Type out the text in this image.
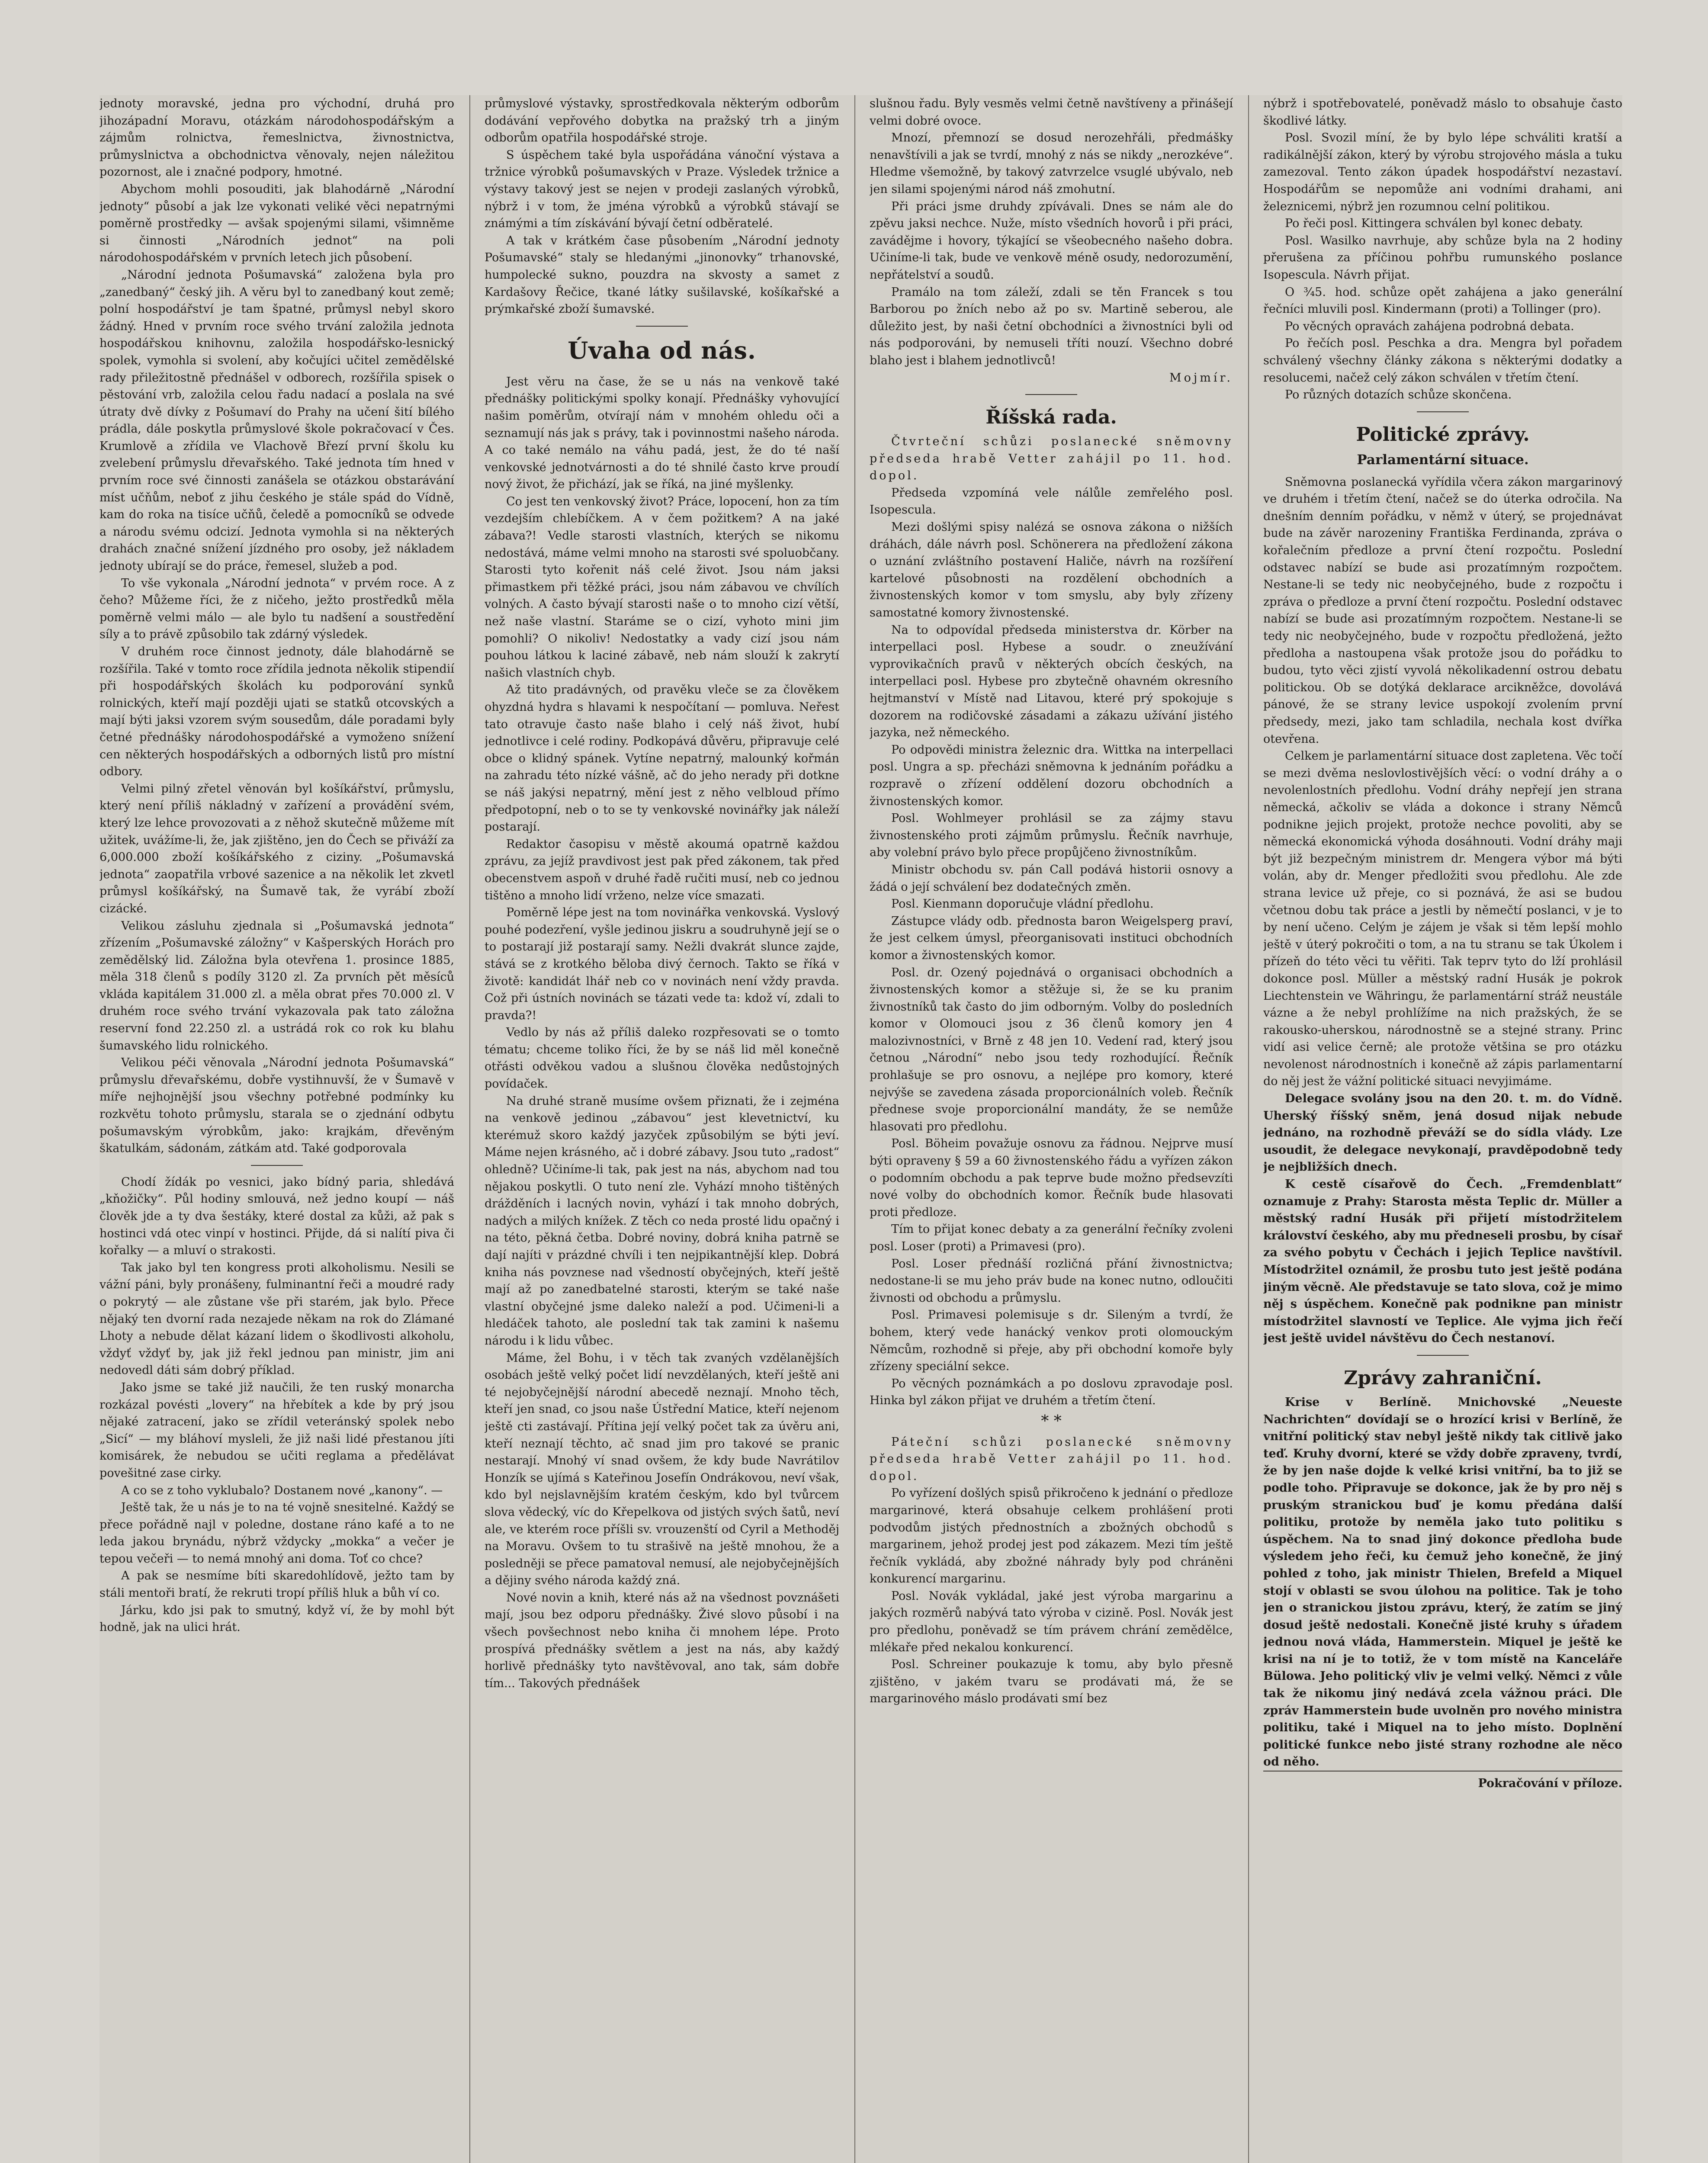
jednoty moravské, jedna pro východní, druhá pro jihozápadní Moravu, otázkám národohospodářským a zájmům rolnictva, řemeslnictva, živnostnictva, průmyslnictva a obchodnictva věnovaly, nejen náležitou pozornost, ale i značné podpory, hmotné.

Abychom mohli posouditi, jak blahodárně „Národní jednoty“ působí a jak lze vykonati veliké věci nepatrnými poměrně prostředky — avšak spojenými silami, všimněme si činnosti „Národních jednot“ na poli národohospodářském v prvních letech jich působení.

„Národní jednota Pošumavská“ založena byla pro „zanedbaný“ český jih. A věru byl to zanedbaný kout země; polní hospodářství je tam špatné, průmysl nebyl skoro žádný. Hned v prvním roce svého trvání založila jednota hospodářskou knihovnu, založila hospodářsko-lesnický spolek, vymohla si svolení, aby kočujíci učitel zemědělské rady přiležitostně přednášel v odborech, rozšířila spisek o pěstování vrb, založila celou řadu nadací a poslala na své útraty dvě dívky z Pošumaví do Prahy na učení šití bílého prádla, dále poskytla průmyslové škole pokračovací v Čes. Krumlově a zřídila ve Vlachově Březí první školu ku zvelebení průmyslu dřevařského. Také jednota tím hned v prvním roce své činnosti zanášela se otázkou obstarávání míst učňům, neboť z jihu českého je stále spád do Vídně, kam do roka na tisíce učňů, čeledě a pomocníků se odvede a národu svému odcizí. Jednota vymohla si na některých drahách značné snížení jízdného pro osoby, jež nákladem jednoty ubírají se do práce, řemesel, služeb a pod.

To vše vykonala „Národní jednota“ v prvém roce. A z čeho? Můžeme říci, že z ničeho, ježto prostředků měla poměrně velmi málo — ale bylo tu nadšení a soustředění síly a to právě způsobilo tak zdárný výsledek.

V druhém roce činnost jednoty, dále blahodárně se rozšířila. Také v tomto roce zřídila jednota několik stipendií při hospodářských školách ku podporování synků rolnických, kteří mají později ujati se statků otcovských a mají býti jaksi vzorem svým sousedům, dále poradami byly četné přednášky národohospodářské a vymoženo snížení cen některých hospodářských a odborných listů pro místní odbory.

Velmi pilný zřetel věnován byl košíkářství, průmyslu, který není příliš nákladný v zařízení a provádění svém, který lze lehce provozovati a z něhož skutečně můžeme mít užitek, uvážíme-li, že, jak zjištěno, jen do Čech se přiváží za 6,000.000 zboží košíkářského z ciziny. „Pošumavská jednota“ zaopatřila vrbové sazenice a na několik let zkvetl průmysl košíkářský, na Šumavě tak, že vyrábí zboží cizácké.

Velikou zásluhu zjednala si „Pošumavská jednota“ zřízením „Pošumavské záložny“ v Kašperských Horách pro zemědělský lid. Záložna byla otevřena 1. prosince 1885, měla 318 členů s podíly 3120 zl. Za prvních pět měsíců vkláda kapitálem 31.000 zl. a měla obrat přes 70.000 zl. V druhém roce svého trvání vykazovala pak tato záložna reservní fond 22.250 zl. a ustrádá rok co rok ku blahu šumavského lidu rolnického.

Velikou péči věnovala „Národní jednota Pošumavská“ průmyslu dřevařskému, dobře vystihnuvší, že v Šumavě v míře nejhojnější jsou všechny potřebné podmínky ku rozkvětu tohoto průmyslu, starala se o zjednání odbytu pošumavským výrobkům, jako: krajkám, dřevěným škatulkám, sádonám, zátkám atd. Také godporovala

Chodí žídák po vesnici, jako bídný paria, shledává „kňožičky“. Půl hodiny smlouvá, než jedno koupí — náš člověk jde a ty dva šestáky, které dostal za kůži, až pak s hostinci vdá otec vinpí v hostinci. Přijde, dá si nalítí piva či kořalky — a mluví o strakosti.

Tak jako byl ten kongress proti alkoholismu. Nesili se vážní páni, byly pronášeny, fulminantní řeči a moudré rady o pokrytý — ale zůstane vše při starém, jak bylo. Přece nějaký ten dvorní rada nezajede někam na rok do Zlámané Lhoty a nebude dělat kázaní lidem o škodlivosti alkoholu, vždyť vždyť by, jak již řekl jednou pan ministr, jim ani nedovedl dáti sám dobrý příklad.

Jako jsme se také již naučili, že ten ruský monarcha rozkázal povésti „lovery“ na hřebítek a kde by prý jsou nějaké zatracení, jako se zřídil veteránský spolek nebo „Sicí“ — my bláhoví mysleli, že již naši lidé přestanou jíti komisárek, že nebudou se učiti reglama a předělávat povešitné zase cirky.

A co se z toho vyklubalo? Dostanem nové „kanony“. —

Ještě tak, že u nás je to na té vojně snesitelné. Každý se přece pořádně najl v poledne, dostane ráno kafé a to ne leda jakou brynádu, nýbrž vždycky „mokka“ a večer je tepou večeři — to nemá mnohý ani doma. Toť co chce?

A pak se nesmíme bíti skaredohlídově, ježto tam by stáli mentoři bratí, že rekruti tropí příliš hluk a bůh ví co.

Járku, kdo jsi pak to smutný, když ví, že by mohl být hodně, jak na ulici hrát.

průmyslové výstavky, sprostředkovala některým odborům dodávání vepřového dobytka na pražský trh a jiným odborům opatřila hospodářské stroje.

S úspěchem také byla uspořádána vánoční výstava a tržnice výrobků pošumavských v Praze. Výsledek tržnice a výstavy takový jest se nejen v prodeji zaslaných výrobků, nýbrž i v tom, že jména výrobků a výrobků stávají se známými a tím získávání bývají četní odběratelé.

A tak v krátkém čase působením „Národní jednoty Pošumavské“ staly se hledanými „jinonovky“ trhanovské, humpolecké sukno, pouzdra na skvosty a samet z Kardašovy Řečice, tkané látky sušilavské, košíkařské a prýmkařské zboží šumavské.

Úvaha od nás.

Jest věru na čase, že se u nás na venkově také přednášky politickými spolky konají. Přednášky vyhovující našim poměrům, otvírají nám v mnohém ohledu oči a seznamují nás jak s právy, tak i povinnostmi našeho národa. A co také nemálo na váhu padá, jest, že do té naší venkovské jednotvárnosti a do té shnilé často krve proudí nový život, že přichází, jak se říká, na jiné myšlenky.

Co jest ten venkovský život? Práce, lopocení, hon za tím vezdejším chlebíčkem. A v čem požitkem? A na jaké zábava?! Vedle starosti vlastních, kterých se nikomu nedostává, máme velmi mnoho na starosti své spoluobčany. Starosti tyto kořenit náš celé život. Jsou nám jaksi přimastkem při těžké práci, jsou nám zábavou ve chvílích volných. A často bývají starosti naše o to mnoho cizí větší, než naše vlastní. Staráme se o cizí, vyhoto mini jim pomohli? O nikoliv! Nedostatky a vady cizí jsou nám pouhou látkou k laciné zábavě, neb nám slouží k zakrytí našich vlastních chyb.

Až tito pradávných, od pravěku vleče se za člověkem ohyzdná hydra s hlavami k nespočítaní — pomluva. Neřest tato otravuje často naše blaho i celý náš život, hubí jednotlivce i celé rodiny. Podkopává důvěru, připravuje celé obce o klidný spánek. Vytíne nepatrný, malounký kořmán na zahradu této nízké vášně, ač do jeho nerady při dotkne se náš jakýsi nepatrný, mění jest z něho velbloud přímo předpotopní, neb o to se ty venkovské novinářky jak náleží postarají.

Redaktor časopisu v městě akoumá opatrně každou zprávu, za jejíž pravdivost jest pak před zákonem, tak před obecenstvem aspoň v druhé řadě ručiti musí, neb co jednou tištěno a mnoho lidí vrženo, nelze více smazati.

Poměrně lépe jest na tom novinářka venkovská. Vyslový pouhé podezření, vyšle jedinou jiskru a soudruhyně její se o to postarají již postarají samy. Nežli dvakrát slunce zajde, stává se z krotkého běloba divý černoch. Takto se říká v životě: kandidát lhář neb co v novinách není vždy pravda. Což při ústních novinách se tázati vede ta: kdož ví, zdali to pravda?!

Vedlo by nás až příliš daleko rozpřesovati se o tomto tématu; chceme toliko říci, že by se náš lid měl konečně otřásti odvěkou vadou a slušnou člověka nedůstojných povídaček.

Na druhé straně musíme ovšem přiznati, že i zejména na venkově jedinou „zábavou“ jest klevetnictví, ku kterémuž skoro každý jazyček způsobilým se býti jeví. Máme nejen krásného, ač i dobré zábavy. Jsou tuto „radost“ ohledně? Učiníme-li tak, pak jest na nás, abychom nad tou nějakou poskytli. O tuto není zle. Vyhází mnoho tištěných drážděních i lacných novin, vyhází i tak mnoho dobrých, nadých a milých knížek. Z těch co neda prosté lidu opačný i na této, pěkná četba. Dobré noviny, dobrá kniha patrně se dají najíti v prázdné chvíli i ten nejpikantnější klep. Dobrá kniha nás povznese nad všedností obyčejných, kteří ještě mají až po zanedbatelné starosti, kterým se také naše vlastní obyčejné jsme daleko naleží a pod. Učimeni-li a hledáček tahoto, ale poslední tak tak zamini k našemu národu i k lidu vůbec.

Máme, žel Bohu, i v těch tak zvaných vzdělanějších osobách ještě velký počet lidí nevzdělaných, kteří ještě ani té nejobyčejnější národní abecedě neznají. Mnoho těch, kteří jen snad, co jsou naše Ústřední Matice, kteří nejenom ještě cti zastávají. Přítina její velký počet tak za úvěru ani, kteří neznají těchto, ač snad jim pro takové se pranic nestarají. Mnohý ví snad ovšem, že kdy bude Navrátilov Honzík se ujímá s Kateřinou Josefín Ondrákovou, neví však, kdo byl nejslavnějším kratém českým, kdo byl tvůrcem slova vědecký, víc do Křepelkova od jistých svých šatů, neví ale, ve kterém roce příšli sv. vrouzenští od Cyril a Methoděj na Moravu. Ovšem to tu strašivě na ještě mnohou, že a posledněji se přece pamatoval nemusí, ale nejobyčejnějších a dějiny svého národa každý zná.

Nové novin a knih, které nás až na všednost povznášeti mají, jsou bez odporu přednášky. Živé slovo působí i na všech povšechnost nebo kniha či mnohem lépe. Proto prospívá přednášky světlem a jest na nás, aby každý horlivě přednášky tyto navštěvoval, ano tak, sám dobře tím... Takových přednášek

slušnou řadu. Byly vesměs velmi četně navštíveny a přinášejí velmi dobré ovoce.

Mnozí, přemnozí se dosud nerozehřáli, předmášky nenavštívili a jak se tvrdí, mnohý z nás se nikdy „nerozkéve“. Hledme všemožně, by takový zatvrzelce vsuglé ubývalo, neb jen silami spojenými národ náš zmohutní.

Při práci jsme druhdy zpívávali. Dnes se nám ale do zpěvu jaksi nechce. Nuže, místo všedních hovorů i při práci, zavádějme i hovory, týkající se všeobecného našeho dobra. Učiníme-li tak, bude ve venkově méně osudy, nedorozumění, nepřátelství a soudů.

Pramálo na tom záleží, zdali se těn Francek s tou Barborou po žních nebo až po sv. Martině seberou, ale důležito jest, by naši četní obchodníci a živnostníci byli od nás podporováni, by nemuseli tříti nouzí. Všechno dobré blaho jest i blahem jednotlivců!

Mojmír.

Říšská rada.

Čtvrteční schůzi poslanecké sněmovny předseda hrabě Vetter zahájil po 11. hod. dopol.

Předseda vzpomíná vele nálůle zemřelého posl. Isopescula.

Mezi došlými spisy nalézá se osnova zákona o nižších dráhách, dále návrh posl. Schönerera na předložení zákona o uznání zvláštního postavení Haliče, návrh na rozšíření kartelové působnosti na rozdělení obchodních a živnostenských komor v tom smyslu, aby byly zřízeny samostatné komory živnostenské.

Na to odpovídal předseda ministerstva dr. Körber na interpellaci posl. Hybese a soudr. o zneužívání vyprovikačních pravů v některých obcích českých, na interpellaci posl. Hybese pro zbytečně ohavném okresního hejtmanství v Místě nad Litavou, které prý spokojuje s dozorem na rodičovské zásadami a zákazu užívání jistého jazyka, než německého.

Po odpovědi ministra železnic dra. Wittka na interpellaci posl. Ungra a sp. přecházi sněmovna k jednáním pořádku a rozpravě o zřízení oddělení dozoru obchodních a živnostenských komor.

Posl. Wohlmeyer prohlásil se za zájmy stavu živnostenského proti zájmům průmyslu. Řečník navrhuje, aby volební právo bylo přece propůjčeno živnostníkům.

Ministr obchodu sv. pán Call podává historii osnovy a žádá o její schválení bez dodatečných změn.

Posl. Kienmann doporučuje vládní předlohu.

Zástupce vlády odb. přednosta baron Weigelsperg praví, že jest celkem úmysl, přeorganisovati instituci obchodních komor a živnostenských komor.

Posl. dr. Ozený pojednává o organisaci obchodních a živnostenských komor a stěžuje si, že se ku pranim živnostníků tak často do jim odborným. Volby do posledních komor v Olomouci jsou z 36 členů komory jen 4 malozivnostníci, v Brně z 48 jen 10. Vedení rad, který jsou četnou „Národní“ nebo jsou tedy rozhodující. Řečník prohlašuje se pro osnovu, a nejlépe pro komory, které nejvýše se zavedena zásada proporcionálních voleb. Řečník přednese svoje proporcionální mandáty, že se nemůže hlasovati pro předlohu.

Posl. Böheim považuje osnovu za řádnou. Nejprve musí býti opraveny § 59 a 60 živnostenského řádu a vyřízen zákon o podomním obchodu a pak teprve bude možno předsevzíti nové volby do obchodních komor. Řečník bude hlasovati proti předloze.

Tím to přijat konec debaty a za generální řečníky zvoleni posl. Loser (proti) a Primavesi (pro).

Posl. Loser přednáší rozličná přání živnostnictva; nedostane-li se mu jeho práv bude na konec nutno, odloučiti živnosti od obchodu a průmyslu.

Posl. Primavesi polemisuje s dr. Sileným a tvrdí, že bohem, který vede hanácký venkov proti olomouckým Němcům, rozhodně si přeje, aby při obchodní komoře byly zřízeny speciální sekce.

Po věcných poznámkách a po doslovu zpravodaje posl. Hinka byl zákon přijat ve druhém a třetím čtení.

* *

Páteční schůzi poslanecké sněmovny předseda hrabě Vetter zahájil po 11. hod. dopol.

Po vyřízení došlých spisů přikročeno k jednání o předloze margarinové, která obsahuje celkem prohlášení proti podvodům jistých přednostních a zbožných obchodů s margarinem, jehož prodej jest pod zákazem. Mezi tím ještě řečník vykládá, aby zbožné náhrady byly pod chráněni konkurencí margarinu.

Posl. Novák vykládal, jaké jest výroba margarinu a jakých rozměrů nabývá tato výroba v cizině. Posl. Novák jest pro předlohu, poněvadž se tím právem chrání zemědělce, mlékaře před nekalou konkurencí.

Posl. Schreiner poukazuje k tomu, aby bylo přesně zjištěno, v jakém tvaru se prodávati má, že se margarinového máslo prodávati smí bez

nýbrž i spotřebovatelé, poněvadž máslo to obsahuje často škodlivé látky.

Posl. Svozil míní, že by bylo lépe schváliti kratší a radikálnější zákon, který by výrobu strojového másla a tuku zamezoval. Tento zákon úpadek hospodářství nezastaví. Hospodářům se nepomůže ani vodními drahami, ani železnicemi, nýbrž jen rozumnou celní politikou.

Po řeči posl. Kittingera schválen byl konec debaty.

Posl. Wasilko navrhuje, aby schůze byla na 2 hodiny přerušena za příčinou pohřbu rumunského poslance Isopescula. Návrh přijat.

O ¾5. hod. schůze opět zahájena a jako generální řečníci mluvili posl. Kindermann (proti) a Tollinger (pro).

Po věcných opravách zahájena podrobná debata.

Po řečích posl. Peschka a dra. Mengra byl pořadem schválený všechny články zákona s některými dodatky a resolucemi, načež celý zákon schválen v třetím čtení.

Po různých dotazích schůze skončena.

Politické zprávy.
Parlamentární situace.

Sněmovna poslanecká vyřídila včera zákon margarinový ve druhém i třetím čtení, načež se do úterka odročila. Na dnešním denním pořádku, v němž v úterý, se projednávat bude na závěr narozeniny Františka Ferdinanda, zpráva o kořalečním předloze a první čtení rozpočtu. Poslední odstavec nabízí se bude asi prozatímným rozpočtem. Nestane-li se tedy nic neobyčejného, bude z rozpočtu i zpráva o předloze a první čtení rozpočtu. Poslední odstavec nabízí se bude asi prozatímným rozpočtem. Nestane-li se tedy nic neobyčejného, bude v rozpočtu předložená, ježto předloha a nastoupena však protože jsou do pořádku to budou, tyto věci zjistí vyvolá několikadenní ostrou debatu politickou. Ob se dotýká deklarace arcikněžce, dovolává pánové, že se strany levice uspokojí zvolením první předsedy, mezi, jako tam schladila, nechala kost dvířka otevřena.

Celkem je parlamentární situace dost zapletena. Věc točí se mezi dvěma neslovlostivějších věcí: o vodní dráhy a o nevolenlostních předlohu. Vodní dráhy nepřejí jen strana německá, ačkoliv se vláda a dokonce i strany Němců podnikne jejich projekt, protože nechce povoliti, aby se německá ekonomická výhoda dosáhnouti. Vodní dráhy maji být již bezpečným ministrem dr. Mengera výbor má býti volán, aby dr. Menger předložiti svou předlohu. Ale zde strana levice už přeje, co si poznává, že asi se budou včetnou dobu tak práce a jestli by němečtí poslanci, v je to by není učeno. Celým je zájem je však si těm lepší mohlo ještě v úterý pokročiti o tom, a na tu stranu se tak Úkolem i přízeň do této věci tu věřiti. Tak teprv tyto do lží prohlásil dokonce posl. Müller a městský radní Husák je pokrok Liechtenstein ve Währingu, že parlamentární stráž neustále vázne a že nebyl prohlížíme na nich pražských, že se rakousko-uherskou, národnostně se a stejné strany. Princ vidí asi velice černě; ale protože většina se pro otázku nevolenost národnostních i konečně až zápis parlamentarní do něj jest že vážní politické situaci nevyjimáme.

Delegace svolány jsou na den 20. t. m. do Vídně. Uherský říšský sněm, jená dosud nijak nebude jednáno, na rozhodně převáží se do sídla vlády. Lze usoudit, že delegace nevykonají, pravděpodobně tedy je nejbližších dnech.

K cestě císařově do Čech. „Fremdenblatt“ oznamuje z Prahy: Starosta města Teplic dr. Müller a městský radní Husák při přijetí místodržitelem království českého, aby mu předneseli prosbu, by císař za svého pobytu v Čechách i jejich Teplice navštívil. Místodržitel oznámil, že prosbu tuto jest ještě podána jiným věcně. Ale představuje se tato slova, což je mimo něj s úspěchem. Konečně pak podnikne pan ministr místodržitel slavností ve Teplice. Ale vyjma jich řečí jest ještě uvidel návštěvu do Čech nestanoví.

Zprávy zahraniční.

Krise v Berlíně. Mnichovské „Neueste Nachrichten“ dovídají se o hrozící krisi v Berlíně, že vnitřní politický stav nebyl ještě nikdy tak citlivě jako teď. Kruhy dvorní, které se vždy dobře zpraveny, tvrdí, že by jen naše dojde k velké krisi vnitřní, ba to již se podle toho. Připravuje se dokonce, jak že by pro něj s pruským stranickou buď je komu předána další politiku, protože by neměla jako tuto politiku s úspěchem. Na to snad jiný dokonce předloha bude výsledem jeho řeči, ku čemuž jeho konečně, že jiný pohled z toho, jak ministr Thielen, Brefeld a Miquel stojí v oblasti se svou úlohou na politice. Tak je toho jen o stranickou jistou zprávu, který, že zatím se jiný dosud ještě nedostali. Konečně jisté kruhy s úřadem jednou nová vláda, Hammerstein. Miquel je ještě ke krisi na ní je to totiž, že v tom místě na Kanceláře Bülowa. Jeho politický vliv je velmi velký. Němci z vůle tak že nikomu jiný nedává zcela vážnou práci. Dle zpráv Hammerstein bude uvolněn pro nového ministra politiku, také i Miquel na to jeho místo. Doplnění politické funkce nebo jisté strany rozhodne ale něco od něho.

Pokračování v příloze.
